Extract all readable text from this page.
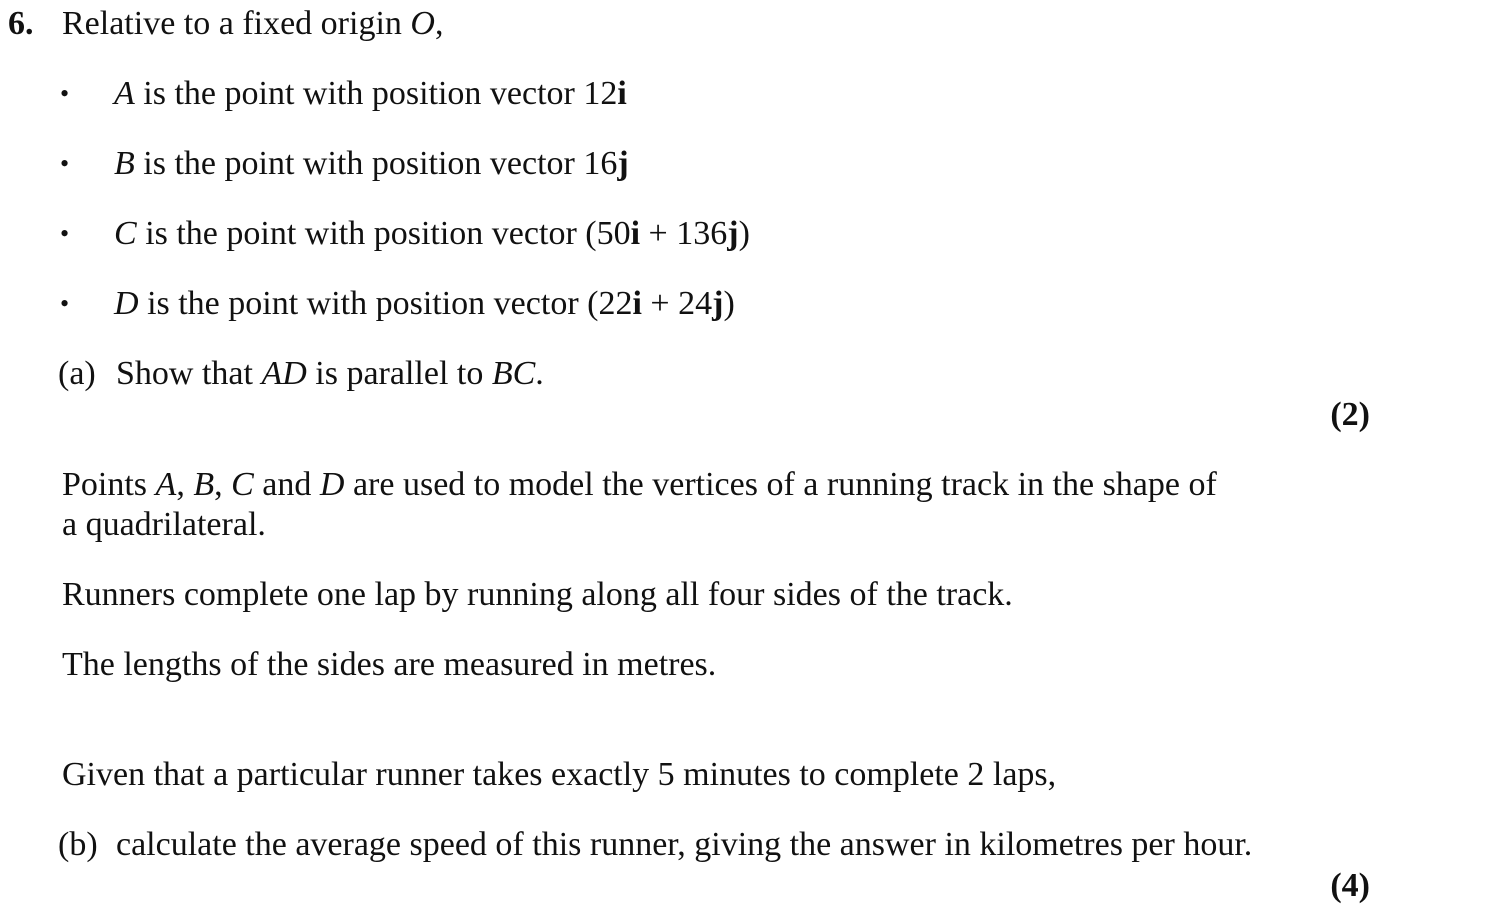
6. Relative to a fixed origin O,
• A is the point with position vector 12i
• B is the point with position vector 16j
• C is the point with position vector (50i + 136j)
• D is the point with position vector (22i + 24j)
(a) Show that AD is parallel to BC.
(2)
Points A, B, C and D are used to model the vertices of a running track in the shape of
a quadrilateral.
Runners complete one lap by running along all four sides of the track.
The lengths of the sides are measured in metres.
Given that a particular runner takes exactly 5 minutes to complete 2 laps,
(b) calculate the average speed of this runner, giving the answer in kilometres per hour.
(4)
